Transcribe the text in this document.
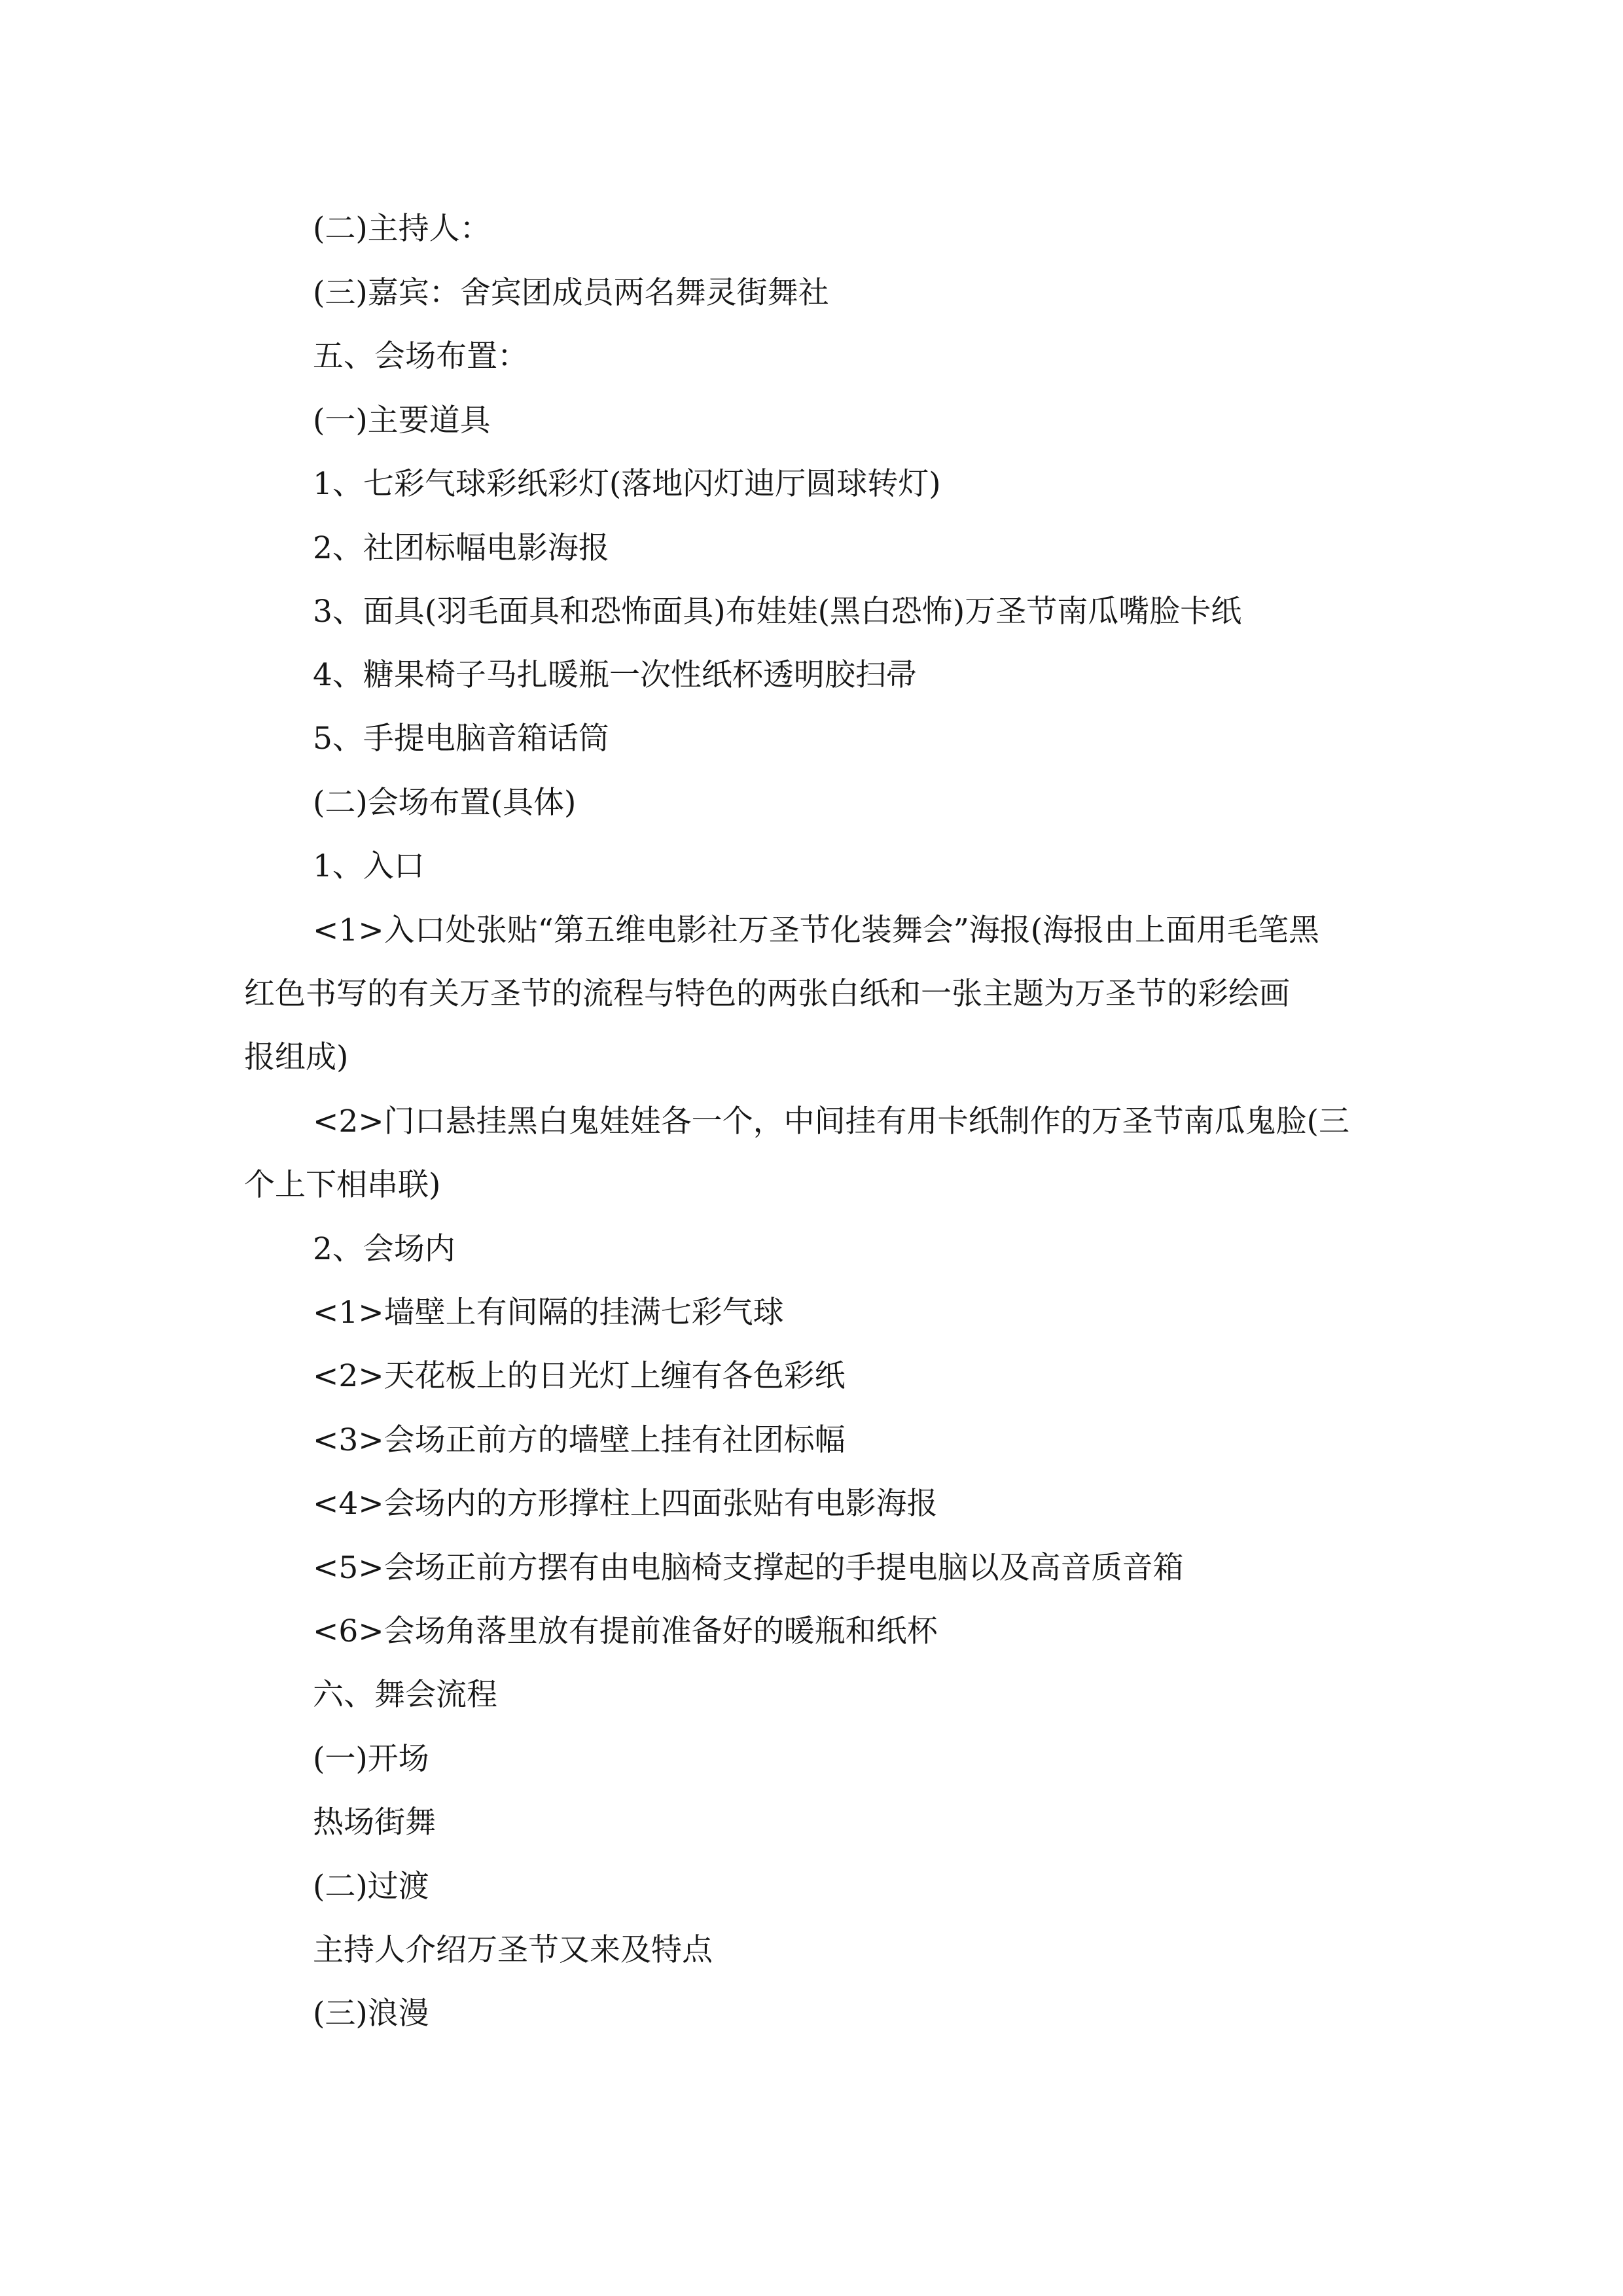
(二)主持人：

(三)嘉宾：舍宾团成员两名舞灵街舞社

五、会场布置：

(一)主要道具

1、七彩气球彩纸彩灯(落地闪灯迪厅圆球转灯)

2、社团标幅电影海报

3、面具(羽毛面具和恐怖面具)布娃娃(黑白恐怖)万圣节南瓜嘴脸卡纸

4、糖果椅子马扎暖瓶一次性纸杯透明胶扫帚

5、手提电脑音箱话筒

(二)会场布置(具体)

1、入口

<1>入口处张贴“第五维电影社万圣节化装舞会”海报(海报由上面用毛笔黑

红色书写的有关万圣节的流程与特色的两张白纸和一张主题为万圣节的彩绘画

报组成)

<2>门口悬挂黑白鬼娃娃各一个，中间挂有用卡纸制作的万圣节南瓜鬼脸(三

个上下相串联)

2、会场内

<1>墙壁上有间隔的挂满七彩气球

<2>天花板上的日光灯上缠有各色彩纸

<3>会场正前方的墙壁上挂有社团标幅

<4>会场内的方形撑柱上四面张贴有电影海报

<5>会场正前方摆有由电脑椅支撑起的手提电脑以及高音质音箱

<6>会场角落里放有提前准备好的暖瓶和纸杯

六、舞会流程

(一)开场

热场街舞

(二)过渡

主持人介绍万圣节又来及特点

(三)浪漫
